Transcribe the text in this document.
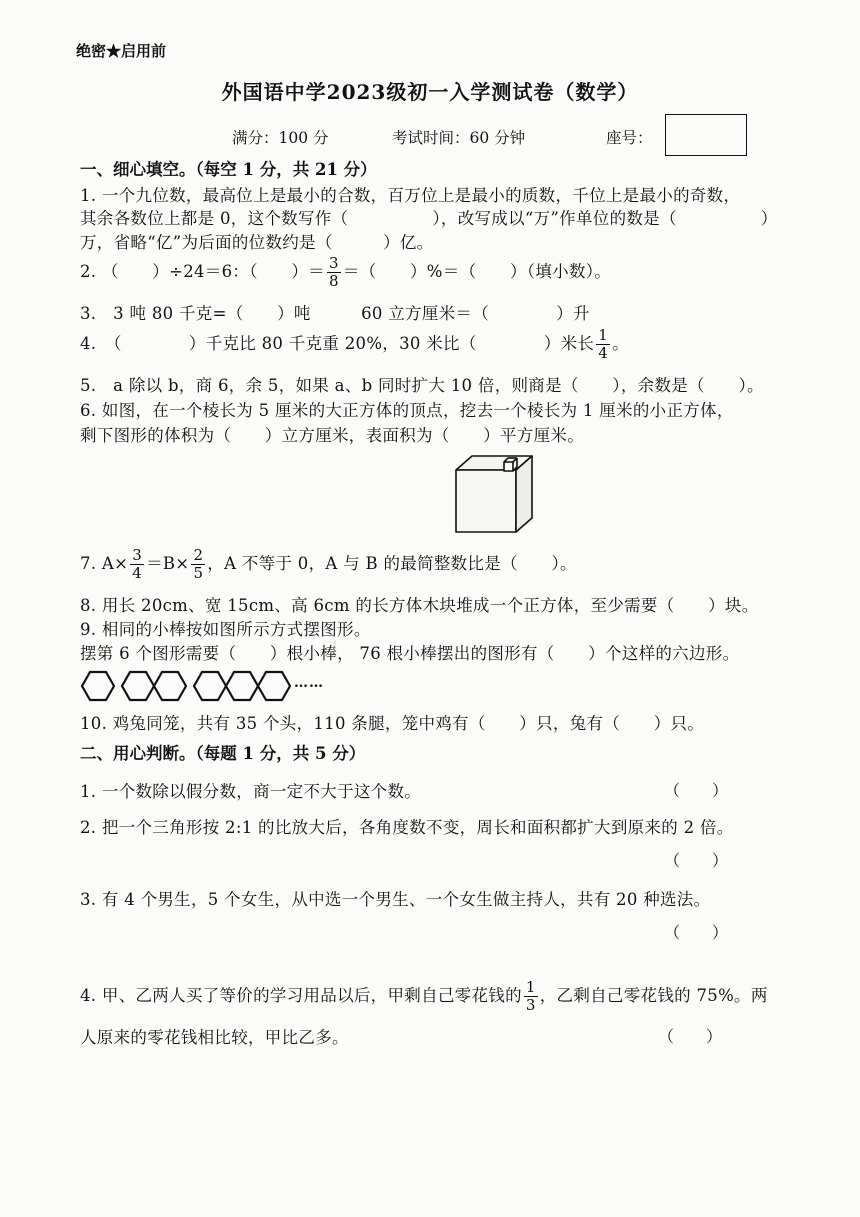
绝密★启用前
外国语中学2023级初一入学测试卷（数学）
满分：100 分	考试时间：60 分钟	座号：
一、细心填空。（每空 1 分，共 21 分）
1. 一个九位数，最高位上是最小的合数，百万位上是最小的质数，千位上是最小的奇数，
其余各数位上都是 0，这个数写作（　　　　　），改写成以“万”作单位的数是（　　　　　）
万，省略“亿”为后面的位数约是（　　　）亿。
2. （　　）÷24＝6：（　　）＝ $\frac{3}{8}$ ＝（　　）%＝（　　）（填小数）。
3.　3 吨 80 千克=（　　）吨　　　60 立方厘米＝（　　　　）升
4.　（　　　　）千克比 80 千克重 20%，30 米比（　　　　）米长 $\frac{1}{4}$ 。
5.　a 除以 b，商 6，余 5，如果 a、b 同时扩大 10 倍，则商是（　　），余数是（　　）。
6. 如图，在一个棱长为 5 厘米的大正方体的顶点，挖去一个棱长为 1 厘米的小正方体，
剩下图形的体积为（　　）立方厘米，表面积为（　　）平方厘米。
7. $A\times \frac{3}{4} =B\times \frac{2}{5}$ ，A 不等于 0，A 与 B 的最简整数比是（　　）。
8. 用长 20cm、宽 15cm、高 6cm 的长方体木块堆成一个正方体，至少需要（　　）块。
9. 相同的小棒按如图所示方式摆图形。
摆第 6 个图形需要（　　）根小棒， 76 根小棒摆出的图形有（　　）个这样的六边形。
……
10. 鸡兔同笼，共有 35 个头，110 条腿，笼中鸡有（　　）只，兔有（　　）只。
二、用心判断。（每题 1 分，共 5 分）
1. 一个数除以假分数，商一定不大于这个数。	（　　）
2. 把一个三角形按 2:1 的比放大后，各角度数不变，周长和面积都扩大到原来的 2 倍。
（　　）
3. 有 4 个男生，5 个女生，从中选一个男生、一个女生做主持人，共有 20 种选法。
（　　）
4. 甲、乙两人买了等价的学习用品以后，甲剩自己零花钱的 $\frac{1}{3}$ ，乙剩自己零花钱的 75%。两
人原来的零花钱相比较，甲比乙多。	（　　）
